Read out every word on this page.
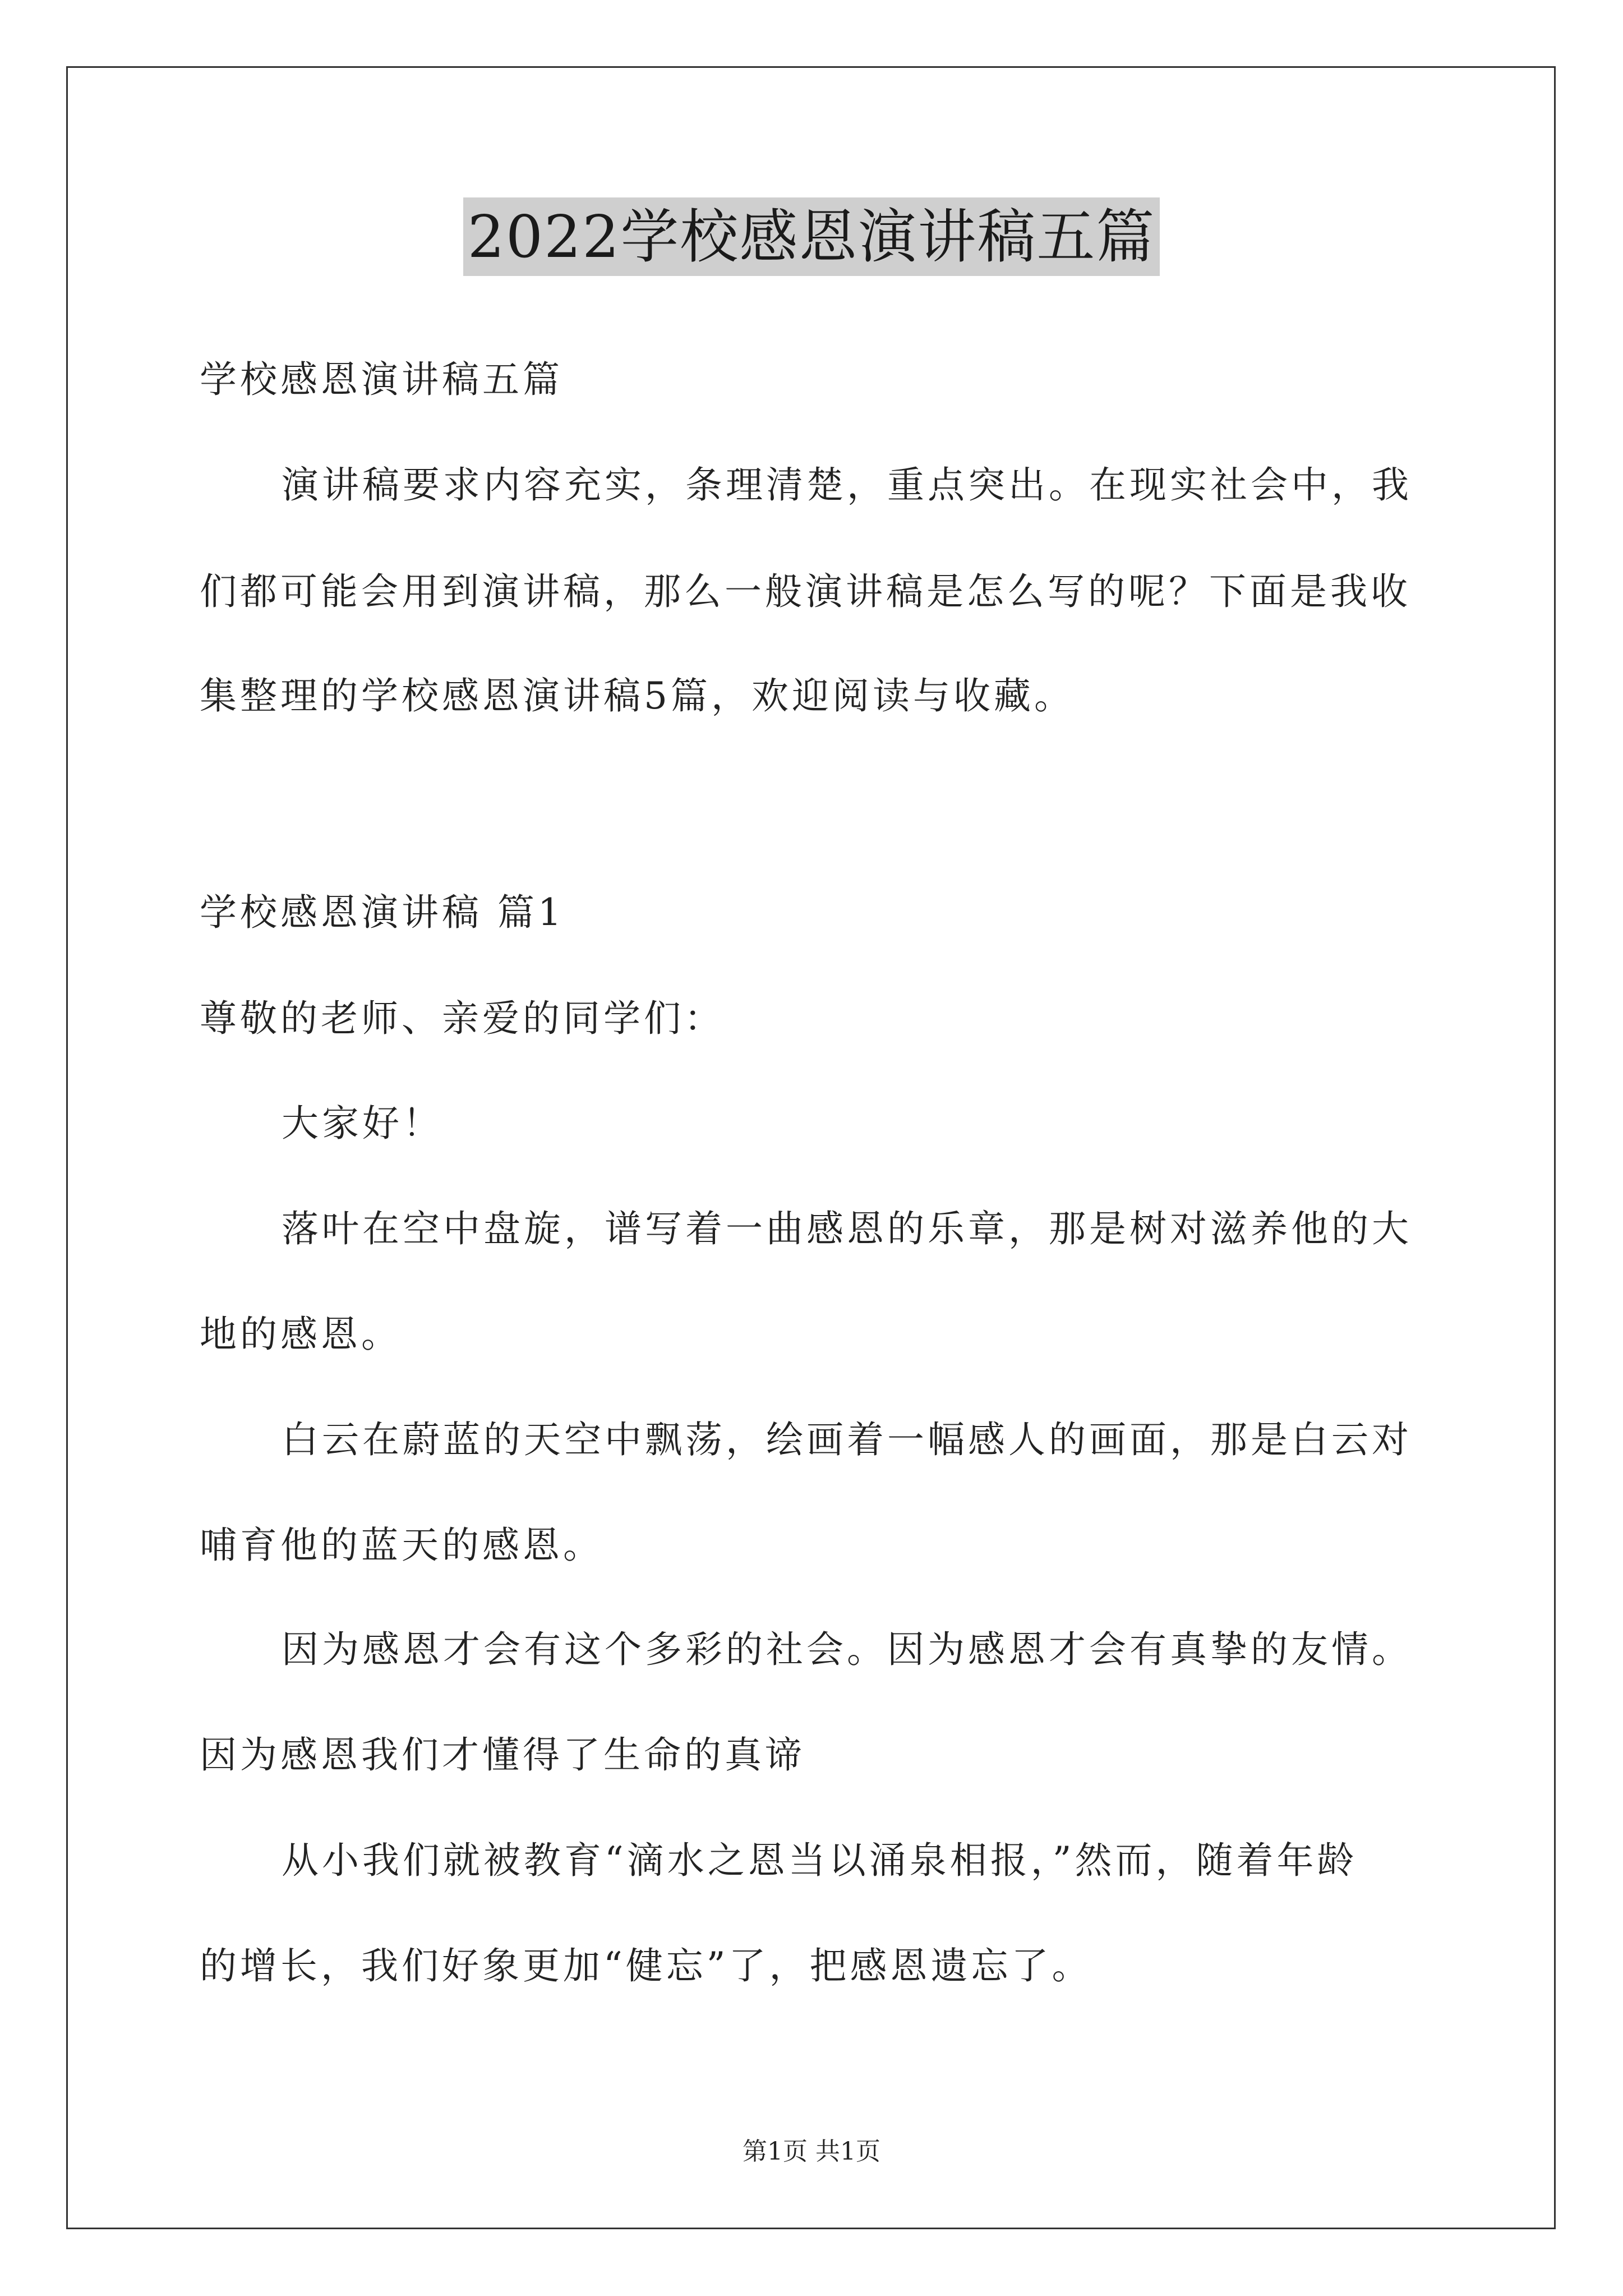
2022学校感恩演讲稿五篇
学校感恩演讲稿五篇
演讲稿要求内容充实，条理清楚，重点突出。在现实社会中，我
们都可能会用到演讲稿，那么一般演讲稿是怎么写的呢？下面是我收
集整理的学校感恩演讲稿5篇，欢迎阅读与收藏。
学校感恩演讲稿 篇1
尊敬的老师、亲爱的同学们：
大家好！
落叶在空中盘旋，谱写着一曲感恩的乐章，那是树对滋养他的大
地的感恩。
白云在蔚蓝的天空中飘荡，绘画着一幅感人的画面，那是白云对
哺育他的蓝天的感恩。
因为感恩才会有这个多彩的社会。因为感恩才会有真挚的友情。
因为感恩我们才懂得了生命的真谛
从小我们就被教育“滴水之恩当以涌泉相报，”然而，随着年龄
的增长，我们好象更加“健忘”了，把感恩遗忘了。
第1页 共1页
